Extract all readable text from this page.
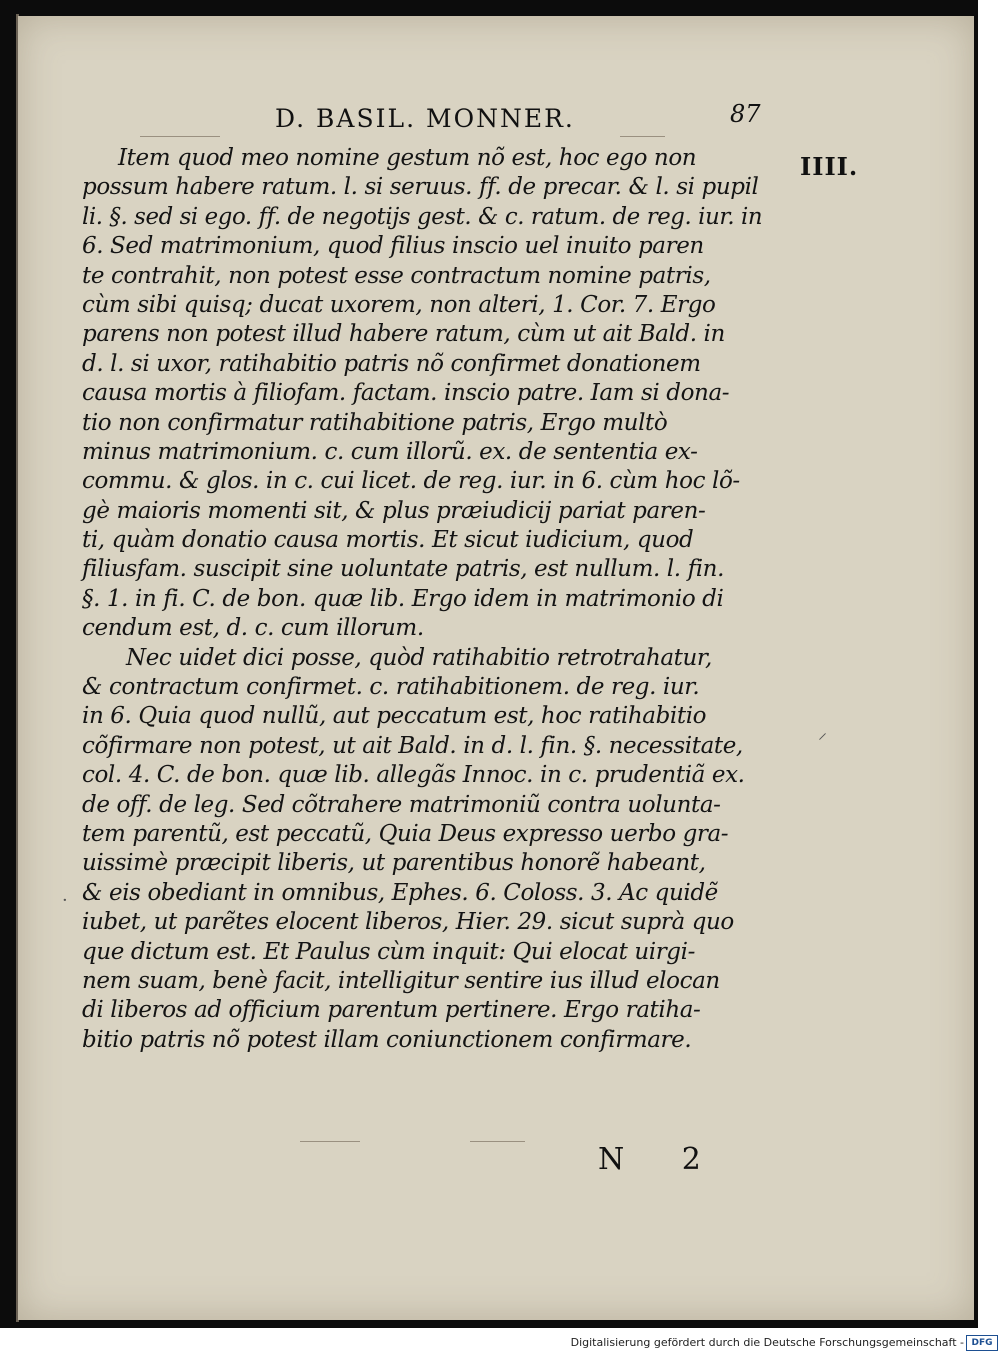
D. BASIL. MONNER.	87
IIII.
Item quod meo nomine gestum nõ est, hoc ego non
possum habere ratum. l. si seruus. ff. de precar. & l. si pupil
li. §. sed si ego. ff. de negotijs gest. & c. ratum. de reg. iur. in
6. Sed matrimonium, quod filius inscio uel inuito paren
te contrahit, non potest esse contractum nomine patris,
cùm sibi quisq; ducat uxorem, non alteri, 1. Cor. 7. Ergo
parens non potest illud habere ratum, cùm ut ait Bald. in
d. l. si uxor, ratihabitio patris nõ confirmet donationem
causa mortis à filiofam. factam. inscio patre. Iam si dona-
tio non confirmatur ratihabitione patris, Ergo multò
minus matrimonium. c. cum illorũ. ex. de sententia ex-
commu. & glos. in c. cui licet. de reg. iur. in 6. cùm hoc lõ-
gè maioris momenti sit, & plus præiudicij pariat paren-
ti, quàm donatio causa mortis. Et sicut iudicium, quod
filiusfam. suscipit sine uoluntate patris, est nullum. l. fin.
§. 1. in fi. C. de bon. quæ lib. Ergo idem in matrimonio di
cendum est, d. c. cum illorum.
Nec uidet dici posse, quòd ratihabitio retrotrahatur,
& contractum confirmet. c. ratihabitionem. de reg. iur.
in 6. Quia quod nullũ, aut peccatum est, hoc ratihabitio
cõfirmare non potest, ut ait Bald. in d. l. fin. §. necessitate,
col. 4. C. de bon. quæ lib. allegãs Innoc. in c. prudentiã ex.
de off. de leg. Sed cõtrahere matrimoniũ contra uolunta-
tem parentũ, est peccatũ, Quia Deus expresso uerbo gra-
uissimè præcipit liberis, ut parentibus honorẽ habeant,
& eis obediant in omnibus, Ephes. 6. Coloss. 3. Ac quidẽ
iubet, ut parẽtes elocent liberos, Hier. 29. sicut suprà quo
que dictum est. Et Paulus cùm inquit: Qui elocat uirgi-
nem suam, benè facit, intelligitur sentire ius illud elocan
di liberos ad officium parentum pertinere. Ergo ratiha-
bitio patris nõ potest illam coniunctionem confirmare.
·
⸍
N 2
Digitalisierung gefördert durch die Deutsche Forschungsgemeinschaft - DFG
